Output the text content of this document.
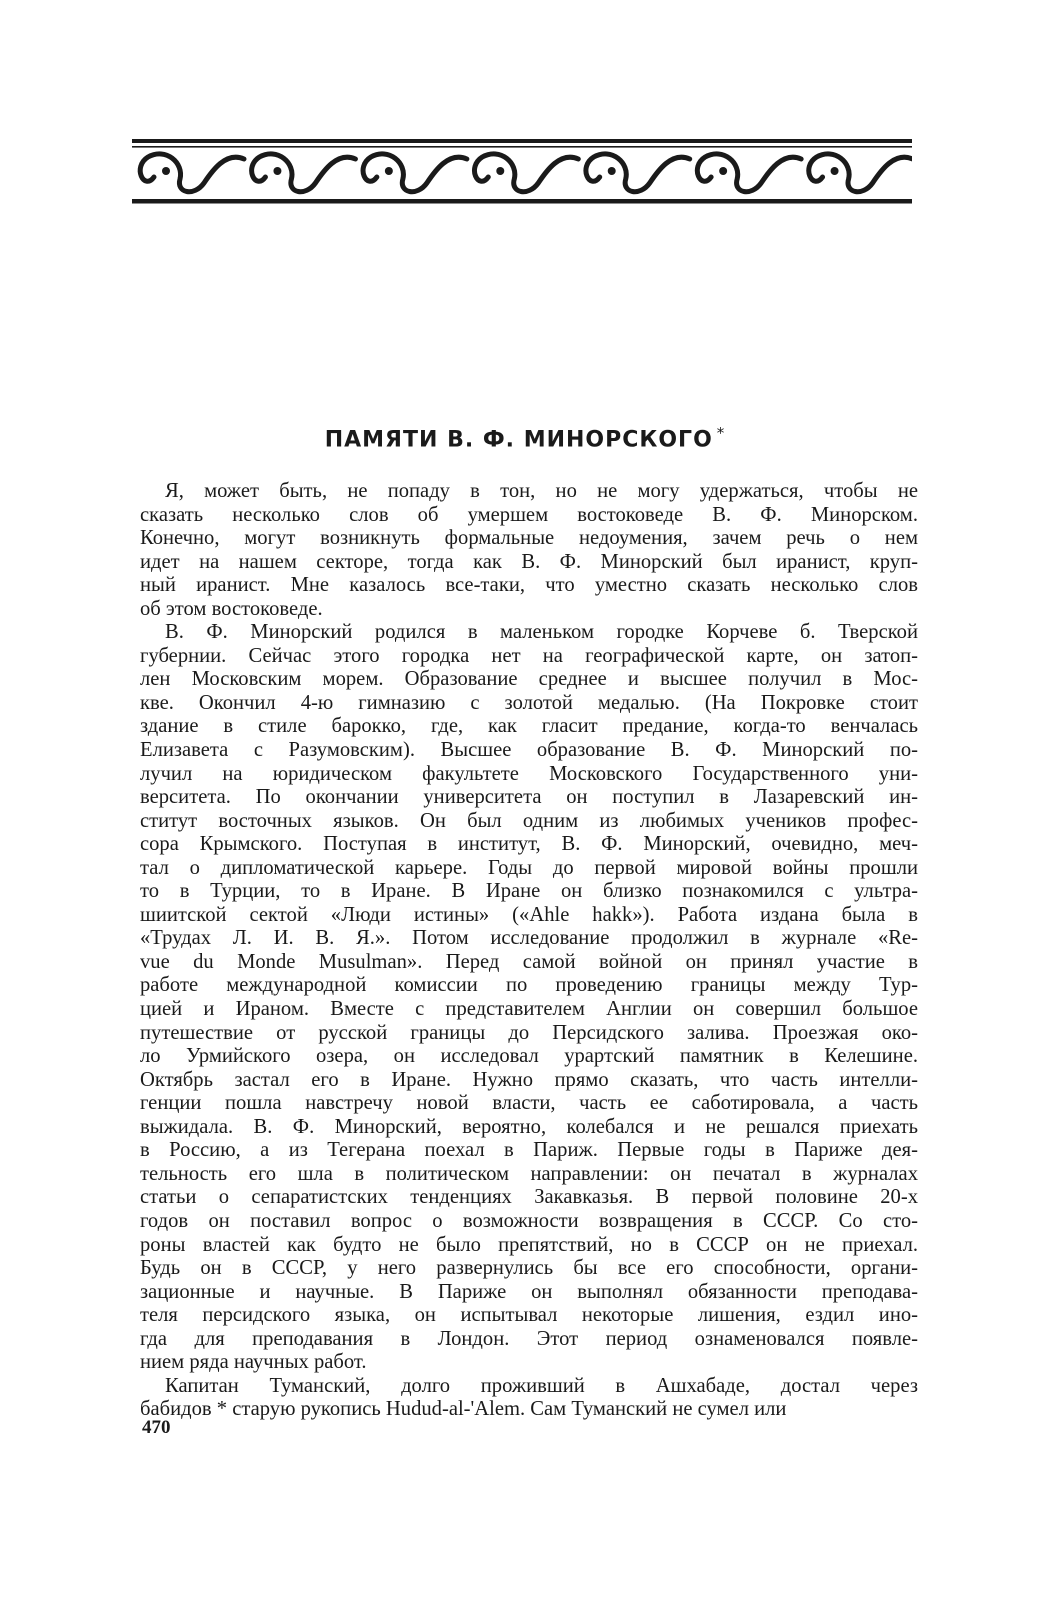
ПАМЯТИ В. Ф. МИНОРСКОГО *

Я, может быть, не попаду в тон, но не могу удержаться, чтобы не
сказать несколько слов об умершем востоковеде В. Ф. Минорском.
Конечно, могут возникнуть формальные недоумения, зачем речь о нем
идет на нашем секторе, тогда как В. Ф. Минорский был иранист, круп-
ный иранист. Мне казалось все-таки, что уместно сказать несколько слов
об этом востоковеде.

В. Ф. Минорский родился в маленьком городке Корчеве б. Тверской
губернии. Сейчас этого городка нет на географической карте, он затоп-
лен Московским морем. Образование среднее и высшее получил в Мос-
кве. Окончил 4-ю гимназию с золотой медалью. (На Покровке стоит
здание в стиле барокко, где, как гласит предание, когда-то венчалась
Елизавета с Разумовским). Высшее образование В. Ф. Минорский по-
лучил на юридическом факультете Московского Государственного уни-
верситета. По окончании университета он поступил в Лазаревский ин-
ститут восточных языков. Он был одним из любимых учеников профес-
сора Крымского. Поступая в институт, В. Ф. Минорский, очевидно, меч-
тал о дипломатической карьере. Годы до первой мировой войны прошли
то в Турции, то в Иране. В Иране он близко познакомился с ультра-
шиитской сектой «Люди истины» («Ahle hakk»). Работа издана была в
«Трудах Л. И. В. Я.». Потом исследование продолжил в журнале «Re-
vue du Monde Musulman». Перед самой войной он принял участие в
работе международной комиссии по проведению границы между Тур-
цией и Ираном. Вместе с представителем Англии он совершил большое
путешествие от русской границы до Персидского залива. Проезжая око-
ло Урмийского озера, он исследовал урартский памятник в Келешине.
Октябрь застал его в Иране. Нужно прямо сказать, что часть интелли-
генции пошла навстречу новой власти, часть ее саботировала, а часть
выжидала. В. Ф. Минорский, вероятно, колебался и не решался приехать
в Россию, а из Тегерана поехал в Париж. Первые годы в Париже дея-
тельность его шла в политическом направлении: он печатал в журналах
статьи о сепаратистских тенденциях Закавказья. В первой половине 20-х
годов он поставил вопрос о возможности возвращения в СССР. Со сто-
роны властей как будто не было препятствий, но в СССР он не приехал.
Будь он в СССР, у него развернулись бы все его способности, органи-
зационные и научные. В Париже он выполнял обязанности преподава-
теля персидского языка, он испытывал некоторые лишения, ездил ино-
гда для преподавания в Лондон. Этот период ознаменовался появле-
нием ряда научных работ.

Капитан Туманский, долго проживший в Ашхабаде, достал через
бабидов * старую рукопись Hudud-al-'Alem. Сам Туманский не сумел или

470
